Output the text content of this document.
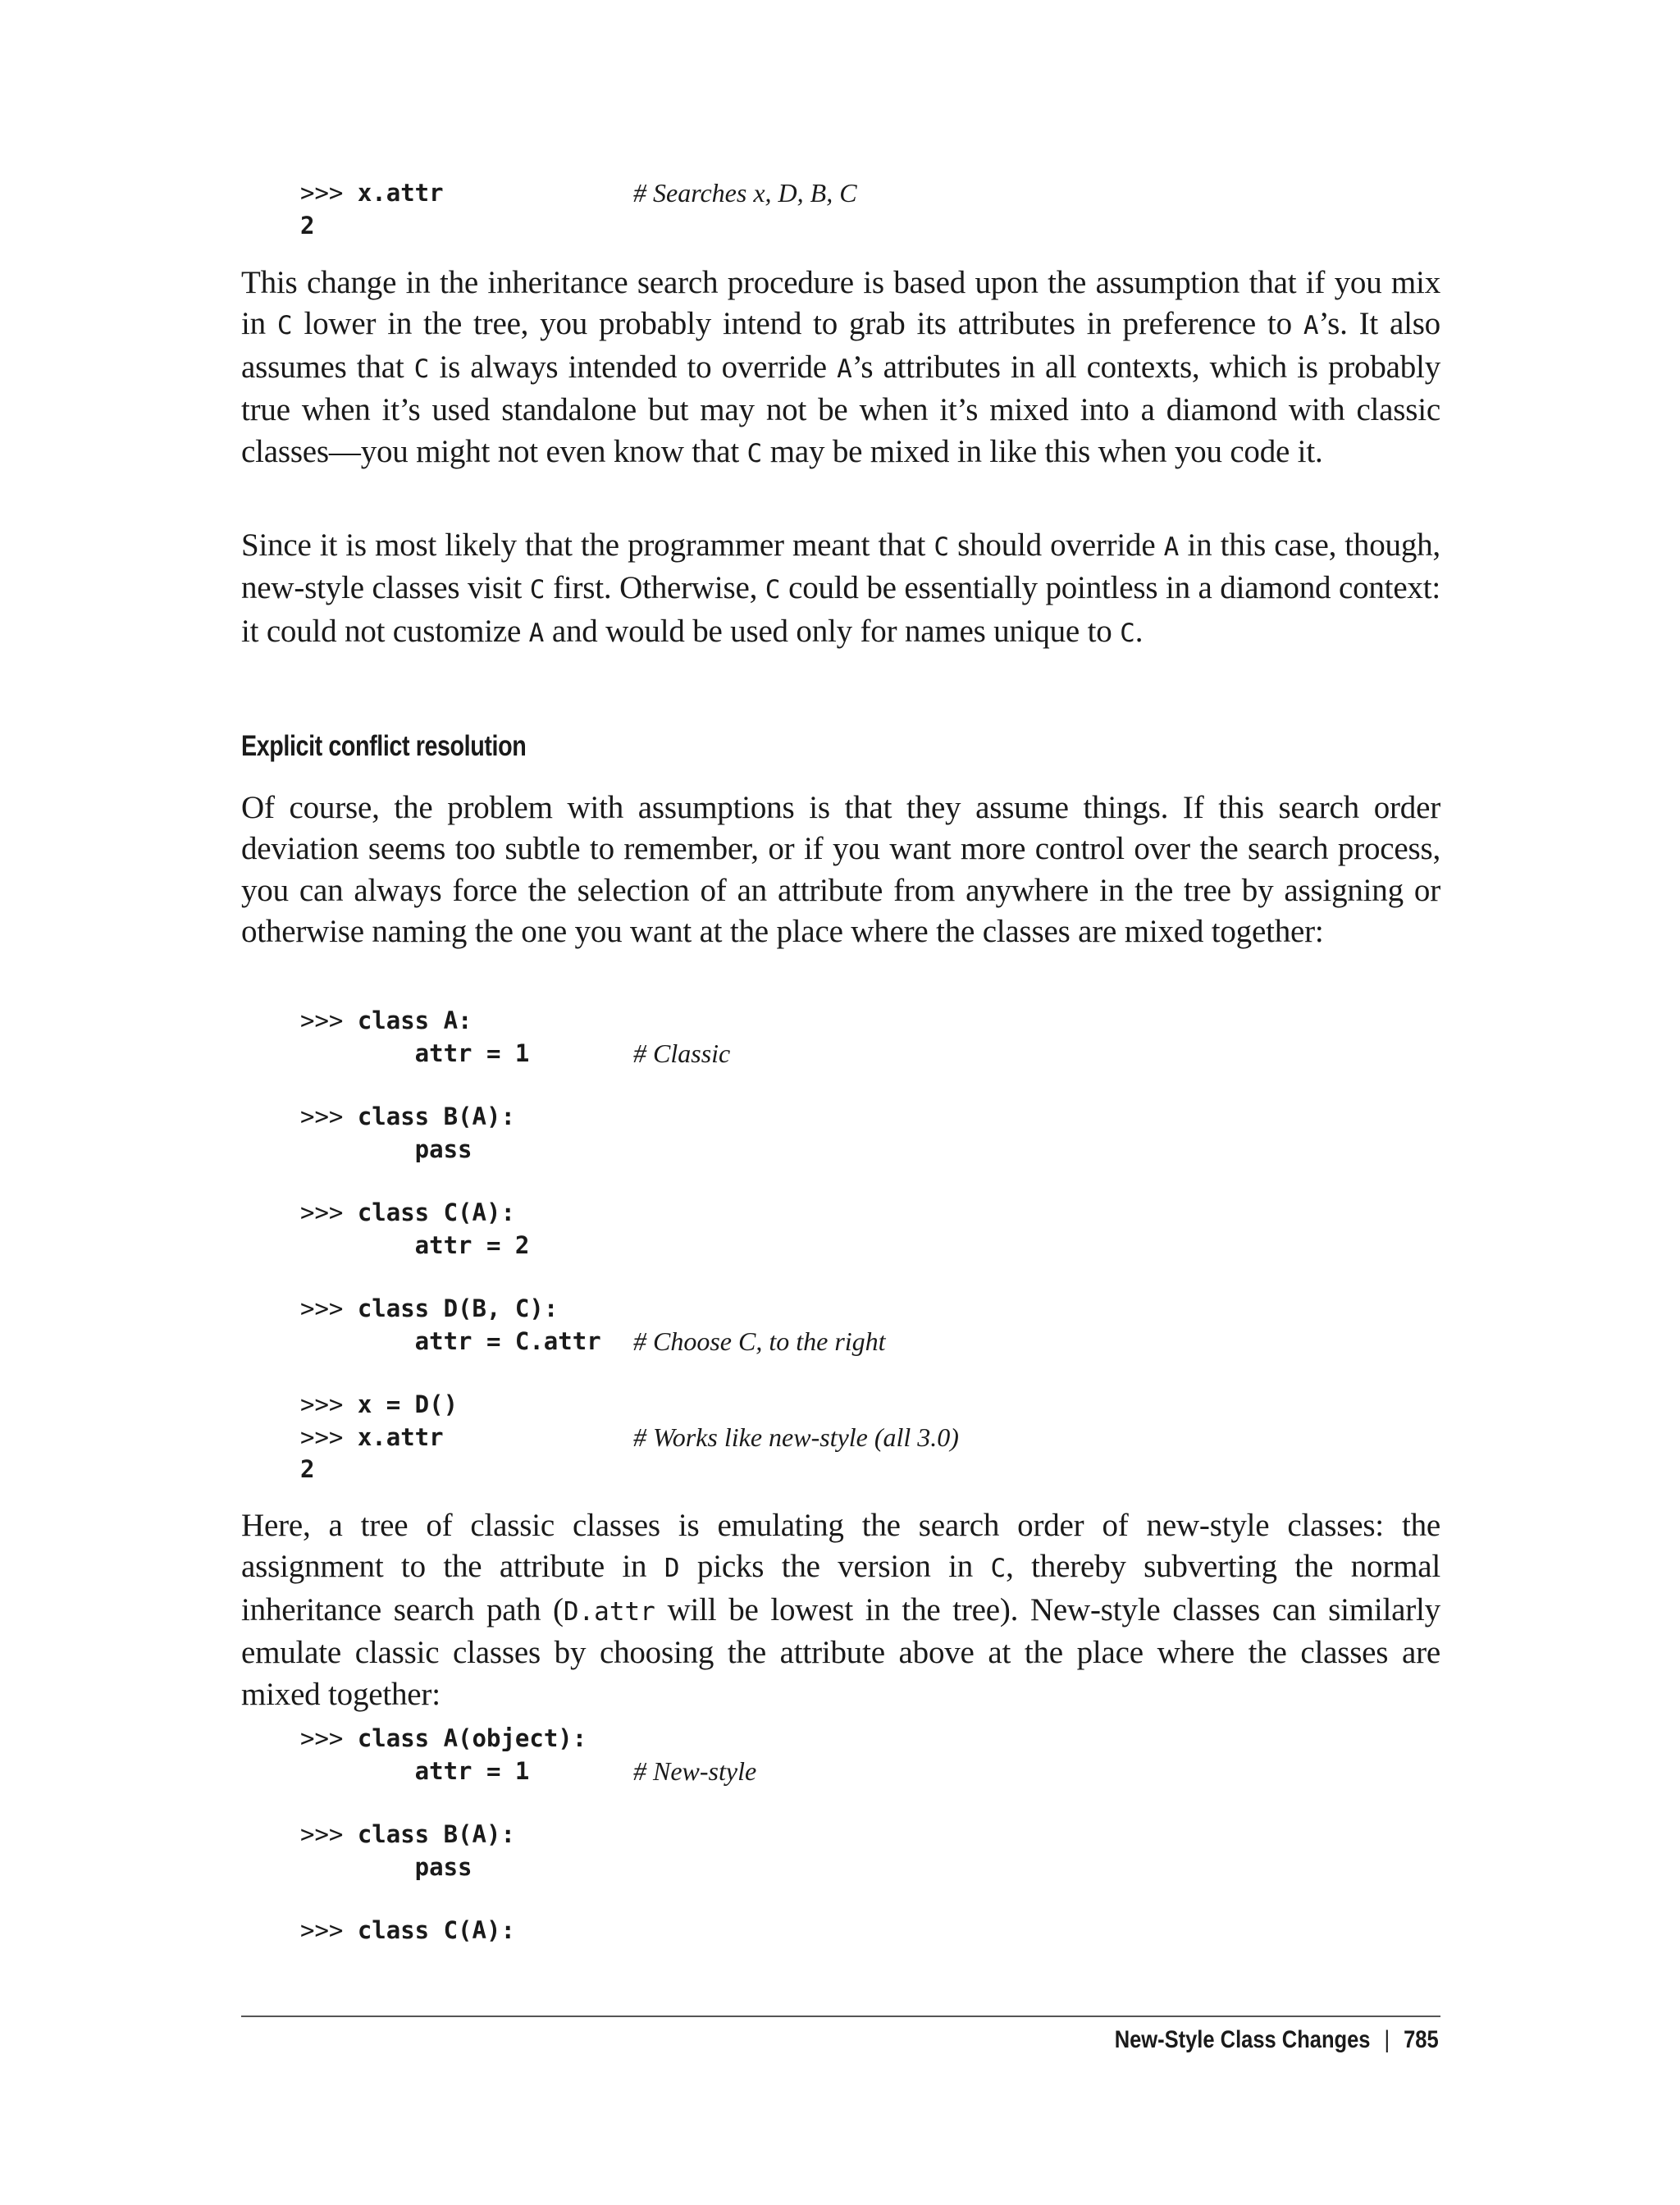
>>> x.attr	# Searches x, D, B, C
2

This change in the inheritance search procedure is based upon the assumption that if you mix in C lower in the tree, you probably intend to grab its attributes in preference to A’s. It also assumes that C is always intended to override A’s attributes in all contexts, which is probably true when it’s used standalone but may not be when it’s mixed into a diamond with classic classes—you might not even know that C may be mixed in like this when you code it.

Since it is most likely that the programmer meant that C should override A in this case, though, new-style classes visit C first. Otherwise, C could be essentially pointless in a diamond context: it could not customize A and would be used only for names unique to C.

Explicit conflict resolution

Of course, the problem with assumptions is that they assume things. If this search order deviation seems too subtle to remember, or if you want more control over the search process, you can always force the selection of an attribute from anywhere in the tree by assigning or otherwise naming the one you want at the place where the classes are mixed together:

>>> class A:
attr = 1	# Classic
>>> class B(A):
pass
>>> class C(A):
attr = 2
>>> class D(B, C):
attr = C.attr # Choose C, to the right
>>> x = D()
>>> x.attr	# Works like new-style (all 3.0)
2

Here, a tree of classic classes is emulating the search order of new-style classes: the assignment to the attribute in D picks the version in C, thereby subverting the normal inheritance search path (D.attr will be lowest in the tree). New-style classes can similarly emulate classic classes by choosing the attribute above at the place where the classes are mixed together:

>>> class A(object):
attr = 1	# New-style
>>> class B(A):
pass
>>> class C(A):
New-Style Class Changes | 785
